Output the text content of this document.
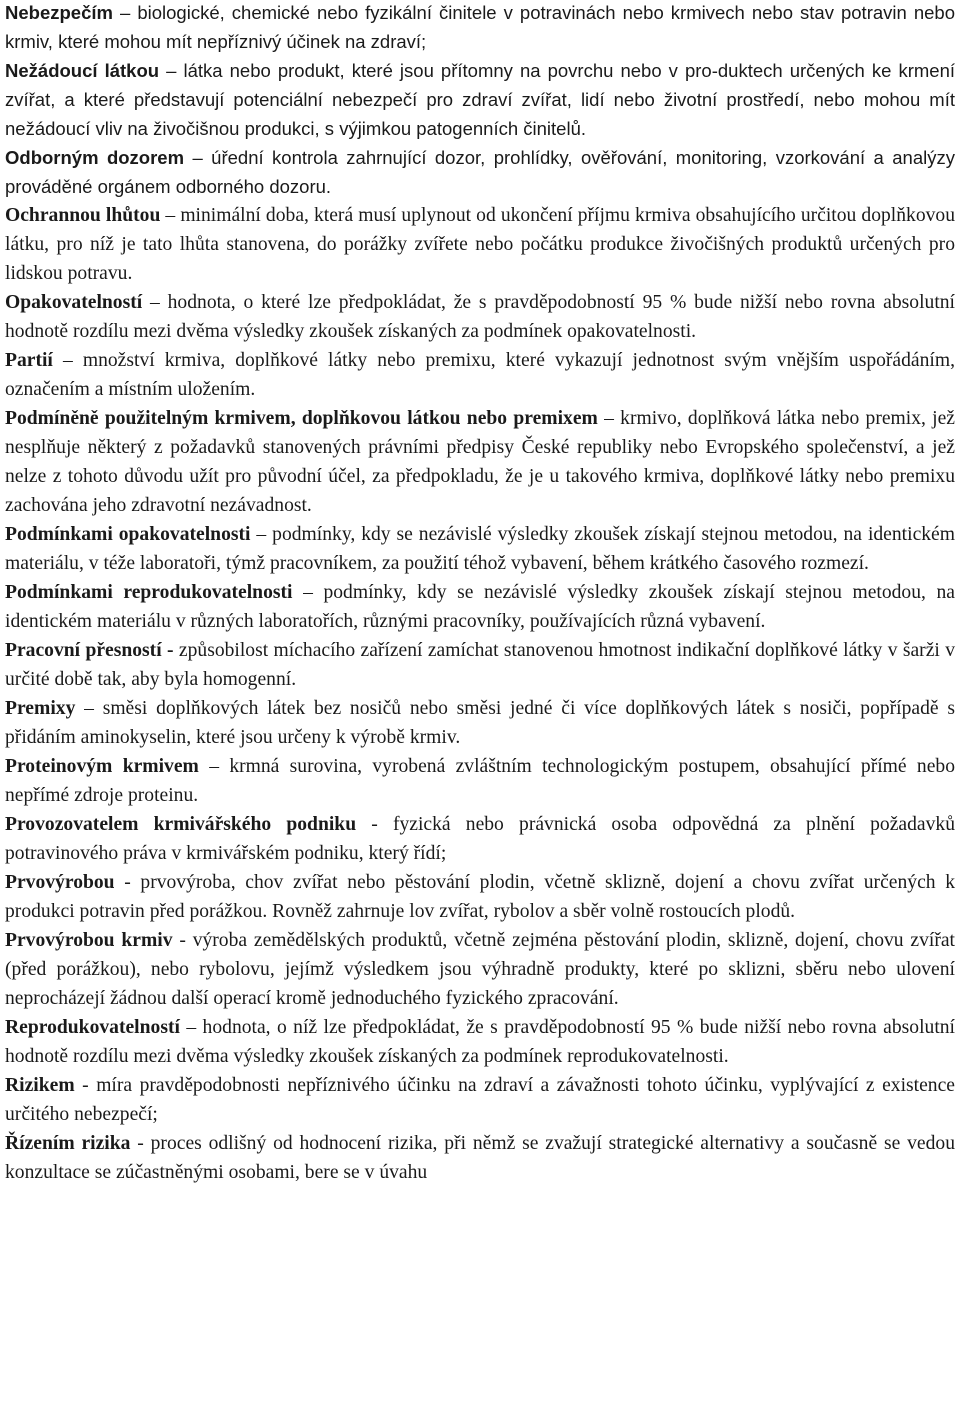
Nebezpečím – biologické, chemické nebo fyzikální činitele v potravinách nebo krmivech nebo stav potravin nebo krmiv, které mohou mít nepříznivý účinek na zdraví;

Nežádoucí látkou – látka nebo produkt, které jsou přítomny na povrchu nebo v pro-duktech určených ke krmení zvířat, a které představují potenciální nebezpečí pro zdraví zvířat, lidí nebo životní prostředí, nebo mohou mít nežádoucí vliv na živočišnou produkci, s výjimkou patogenních činitelů.

Odborným dozorem – úřední kontrola zahrnující dozor, prohlídky, ověřování, monitoring, vzorkování a analýzy prováděné orgánem odborného dozoru.

Ochrannou lhůtou – minimální doba, která musí uplynout od ukončení příjmu krmiva obsahujícího určitou doplňkovou látku, pro níž je tato lhůta stanovena, do porážky zvířete nebo počátku produkce živočišných produktů určených pro lidskou potravu.

Opakovatelností – hodnota, o které lze předpokládat, že s pravděpodobností 95 % bude nižší nebo rovna absolutní hodnotě rozdílu mezi dvěma výsledky zkoušek získaných za podmínek opakovatelnosti.

Partií – množství krmiva, doplňkové látky nebo premixu, které vykazují jednotnost svým vnějším uspořádáním, označením a místním uložením.

Podmíněně použitelným krmivem, doplňkovou látkou nebo premixem – krmivo, doplňková látka nebo premix, jež nesplňuje některý z požadavků stanovených právními předpisy České republiky nebo Evropského společenství, a jež nelze z tohoto důvodu užít pro původní účel, za předpokladu, že je u takového krmiva, doplňkové látky nebo premixu zachována jeho zdravotní nezávadnost.

Podmínkami opakovatelnosti – podmínky, kdy se nezávislé výsledky zkoušek získají stejnou metodou, na identickém materiálu, v téže laboratoři, týmž pracovníkem, za použití téhož vybavení, během krátkého časového rozmezí.

Podmínkami reprodukovatelnosti – podmínky, kdy se nezávislé výsledky zkoušek získají stejnou metodou, na identickém materiálu v různých laboratořích, různými pracovníky, používajících různá vybavení.

Pracovní přesností - způsobilost míchacího zařízení zamíchat stanovenou hmotnost indikační doplňkové látky v šarži v určité době tak, aby byla homogenní.

Premixy – směsi doplňkových látek bez nosičů nebo směsi jedné či více doplňkových látek s nosiči, popřípadě s přidáním aminokyselin, které jsou určeny k výrobě krmiv.

Proteinovým krmivem – krmná surovina, vyrobená zvláštním technologickým postupem, obsahující přímé nebo nepřímé zdroje proteinu.

Provozovatelem krmivářského podniku - fyzická nebo právnická osoba odpovědná za plnění požadavků potravinového práva v krmivářském podniku, který řídí;

Prvovýrobou - prvovýroba, chov zvířat nebo pěstování plodin, včetně sklizně, dojení a chovu zvířat určených k produkci potravin před porážkou. Rovněž zahrnuje lov zvířat, rybolov a sběr volně rostoucích plodů.

Prvovýrobou krmiv - výroba zemědělských produktů, včetně zejména pěstování plodin, sklizně, dojení, chovu zvířat (před porážkou), nebo rybolovu, jejímž výsledkem jsou výhradně produkty, které po sklizni, sběru nebo ulovení neprocházejí žádnou další operací kromě jednoduchého fyzického zpracování.

Reprodukovatelností – hodnota, o níž lze předpokládat, že s pravděpodobností 95 % bude nižší nebo rovna absolutní hodnotě rozdílu mezi dvěma výsledky zkoušek získaných za podmínek reprodukovatelnosti.

Rizikem - míra pravděpodobnosti nepříznivého účinku na zdraví a závažnosti tohoto účinku, vyplývající z existence určitého nebezpečí;

Řízením rizika - proces odlišný od hodnocení rizika, při němž se zvažují strategické alternativy a současně se vedou konzultace se zúčastněnými osobami, bere se v úvahu
